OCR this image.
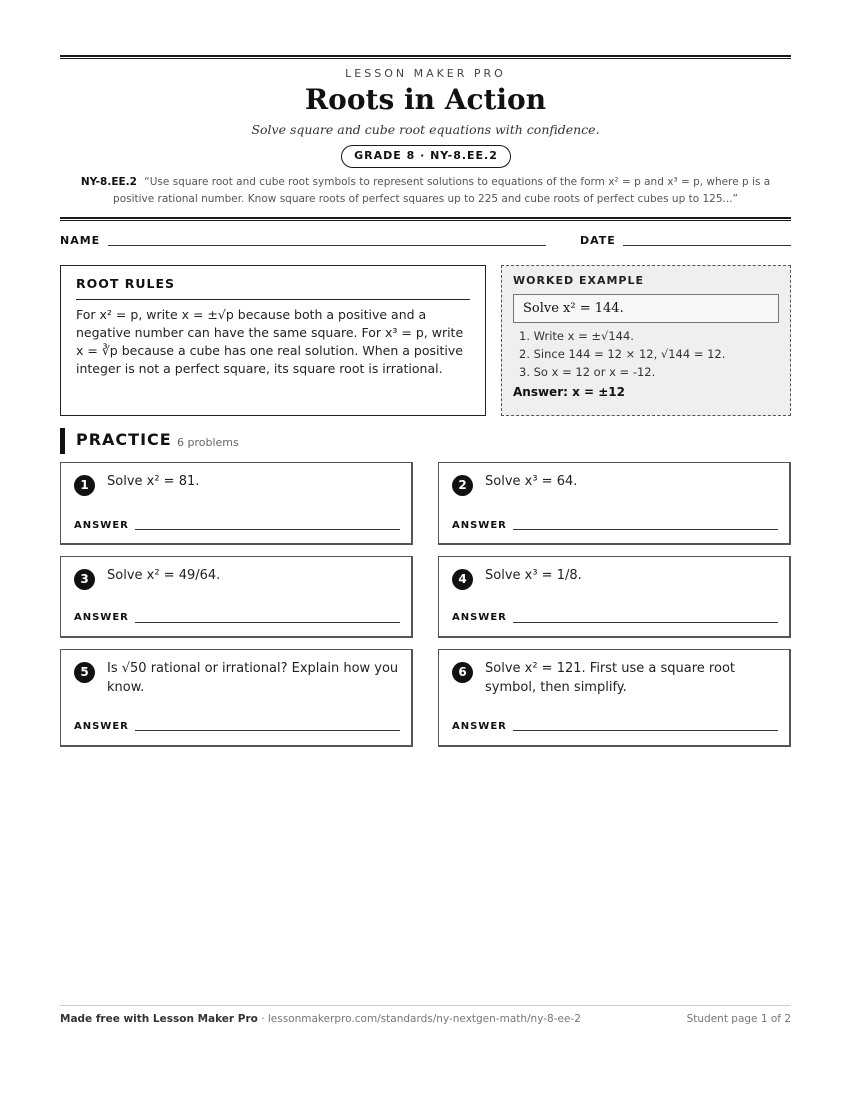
LESSON MAKER PRO
Roots in Action
Solve square and cube root equations with confidence.
GRADE 8 · NY-8.EE.2
NY-8.EE.2 “Use square root and cube root symbols to represent solutions to equations of the form x² = p and x³ = p, where p is a positive rational number. Know square roots of perfect squares up to 225 and cube roots of perfect cubes up to 125...”
NAME	DATE
ROOT RULES
For x² = p, write x = ±√p because both a positive and a negative number can have the same square. For x³ = p, write x = ∛p because a cube has one real solution. When a positive integer is not a perfect square, its square root is irrational.
WORKED EXAMPLE
Solve x² = 144.
1. Write x = ±√144.
2. Since 144 = 12 × 12, √144 = 12.
3. So x = 12 or x = -12.
Answer: x = ±12
PRACTICE 6 problems
1	Solve x² = 81.
ANSWER
2	Solve x³ = 64.
ANSWER
3	Solve x² = 49/64.
ANSWER
4	Solve x³ = 1/8.
ANSWER
5	Is √50 rational or irrational? Explain how you know.
ANSWER
6	Solve x² = 121. First use a square root symbol, then simplify.
ANSWER
Made free with Lesson Maker Pro · lessonmakerpro.com/standards/ny-nextgen-math/ny-8-ee-2	Student page 1 of 2
